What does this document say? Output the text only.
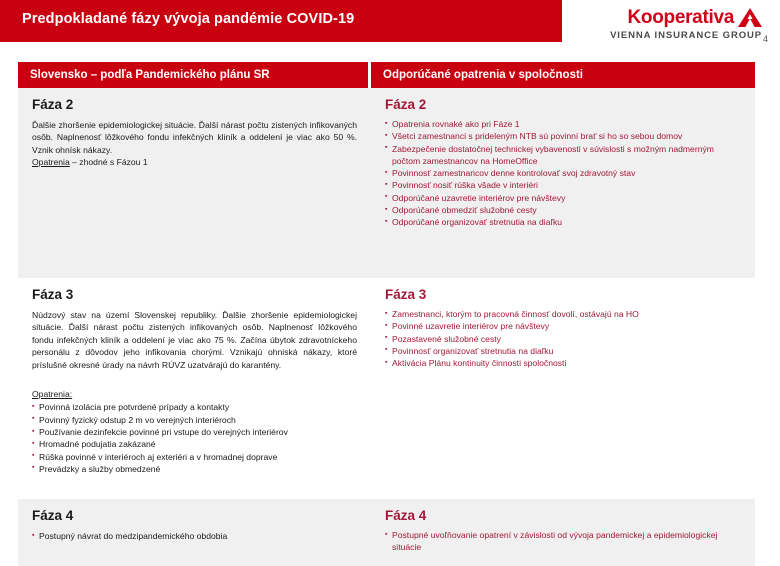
Predpokladané fázy vývoja pandémie COVID-19	Kooperativa
VIENNA INSURANCE GROUP 4
Slovensko – podľa Pandemického plánu SR	Odporúčané opatrenia v spoločnosti
Fáza 2

Ďalšie zhoršenie epidemiologickej situácie. Ďalší nárast počtu zistených infikovaných osôb. Naplnenosť lôžkového fondu infekčných kliník a oddelení je viac ako 50 %. Vznik ohnísk nákazy.
Opatrenia – zhodné s Fázou 1

Fáza 2
▪ Opatrenia rovnaké ako pri Fáze 1
▪ Všetci zamestnanci s prideleným NTB sú povinní brať si ho so sebou domov
▪ Zabezpečenie dostatočnej technickej vybavenosti v súvislosti s možným nadmerným počtom zamestnancov na HomeOffice
▪ Povinnosť zamestnancov denne kontrolovať svoj zdravotný stav
▪ Povinnosť nosiť rúška všade v interiéri
▪ Odporúčané uzavretie interiérov pre návštevy
▪ Odporúčané obmedziť služobné cesty
▪ Odporúčané organizovať stretnutia na diaľku
Fáza 3

Núdzový stav na území Slovenskej republiky. Ďalšie zhoršenie epidemiologickej situácie. Ďalší nárast počtu zistených infikovaných osôb. Naplnenosť lôžkového fondu infekčných kliník a oddelení je viac ako 75 %. Začína úbytok zdravotníckeho personálu z dôvodov jeho infikovania chorými. Vznikajú ohniská nákazy, ktoré príslušné okresné úrady na návrh RÚVZ uzatvárajú do karantény.

Opatrenia:
▪ Povinná izolácia pre potvrdené prípady a kontakty
▪ Povinný fyzický odstup 2 m vo verejných interiéroch
▪ Používanie dezinfekcie povinné pri vstupe do verejných interiérov
▪ Hromadné podujatia zakázané
▪ Rúška povinné v interiéroch aj exteriéri a v hromadnej doprave
▪ Prevádzky a služby obmedzené
Fáza 3
▪ Zamestnanci, ktorým to pracovná činnosť dovolí, ostávajú na HO
▪ Povinné uzavretie interiérov pre návštevy
▪ Pozastavené služobné cesty
▪ Povinnosť organizovať stretnutia na diaľku
▪ Aktivácia Plánu kontinuity činnosti spoločnosti
Fáza 4
▪ Postupný návrat do medzipandemického obdobia
Fáza 4
▪ Postupné uvoľňovanie opatrení v závislosti od vývoja pandemickej a epidemiologickej situácie
